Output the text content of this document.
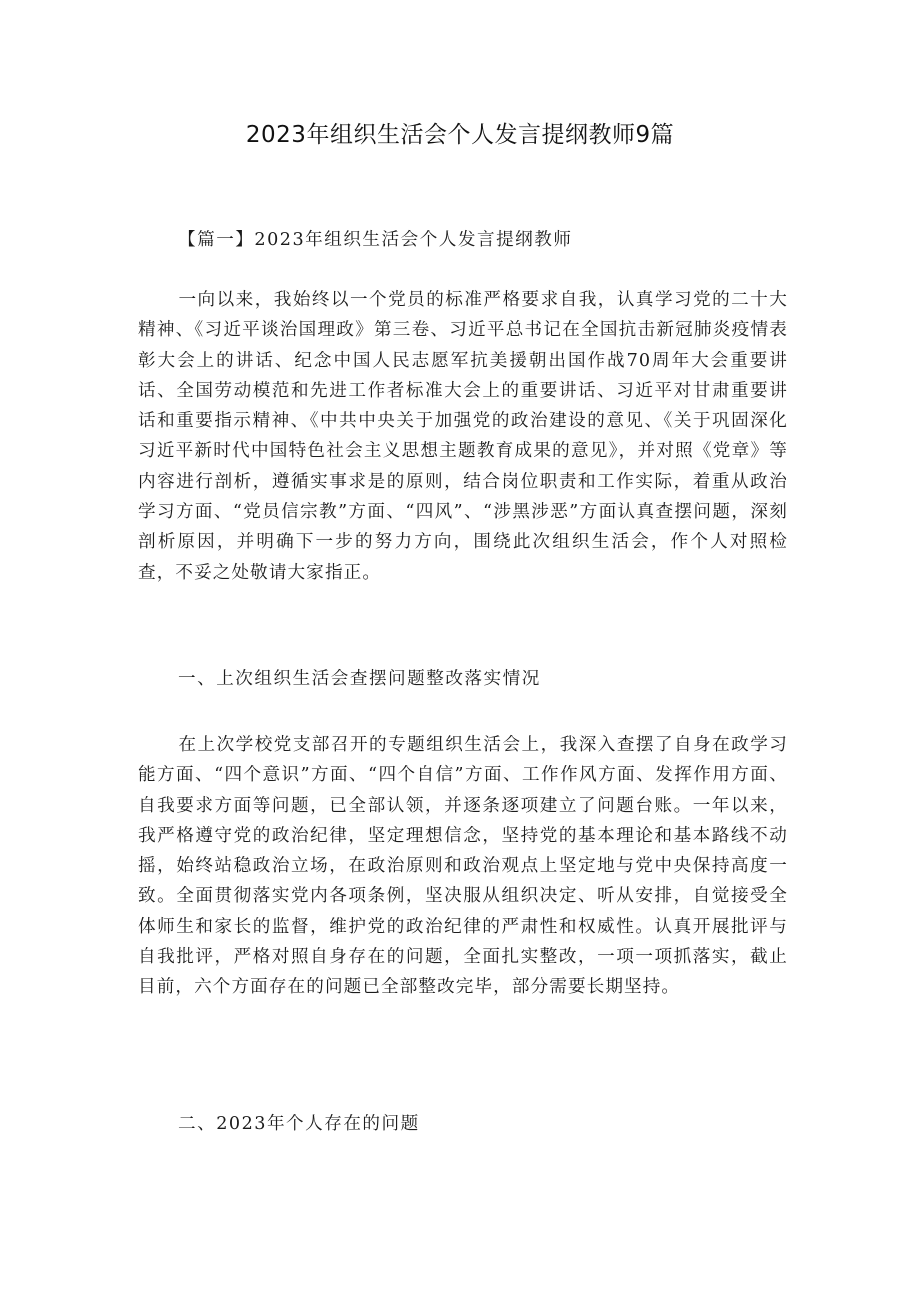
2023年组织生活会个人发言提纲教师9篇
【篇一】2023年组织生活会个人发言提纲教师

一向以来，我始终以一个党员的标准严格要求自我，认真学习党的二十大精神、《习近平谈治国理政》第三卷、习近平总书记在全国抗击新冠肺炎疫情表彰大会上的讲话、纪念中国人民志愿军抗美援朝出国作战70周年大会重要讲话、全国劳动模范和先进工作者标准大会上的重要讲话、习近平对甘肃重要讲话和重要指示精神、《中共中央关于加强党的政治建设的意见、《关于巩固深化习近平新时代中国特色社会主义思想主题教育成果的意见》，并对照《党章》等内容进行剖析，遵循实事求是的原则，结合岗位职责和工作实际，着重从政治学习方面、“党员信宗教”方面、“四风”、“涉黑涉恶”方面认真查摆问题，深刻剖析原因，并明确下一步的努力方向，围绕此次组织生活会，作个人对照检查，不妥之处敬请大家指正。

一、上次组织生活会查摆问题整改落实情况

在上次学校党支部召开的专题组织生活会上，我深入查摆了自身在政学习能方面、“四个意识”方面、“四个自信”方面、工作作风方面、发挥作用方面、自我要求方面等问题，已全部认领，并逐条逐项建立了问题台账。一年以来，我严格遵守党的政治纪律，坚定理想信念，坚持党的基本理论和基本路线不动摇，始终站稳政治立场，在政治原则和政治观点上坚定地与党中央保持高度一致。全面贯彻落实党内各项条例，坚决服从组织决定、听从安排，自觉接受全体师生和家长的监督，维护党的政治纪律的严肃性和权威性。认真开展批评与自我批评，严格对照自身存在的问题，全面扎实整改，一项一项抓落实，截止目前，六个方面存在的问题已全部整改完毕，部分需要长期坚持。

二、2023年个人存在的问题
